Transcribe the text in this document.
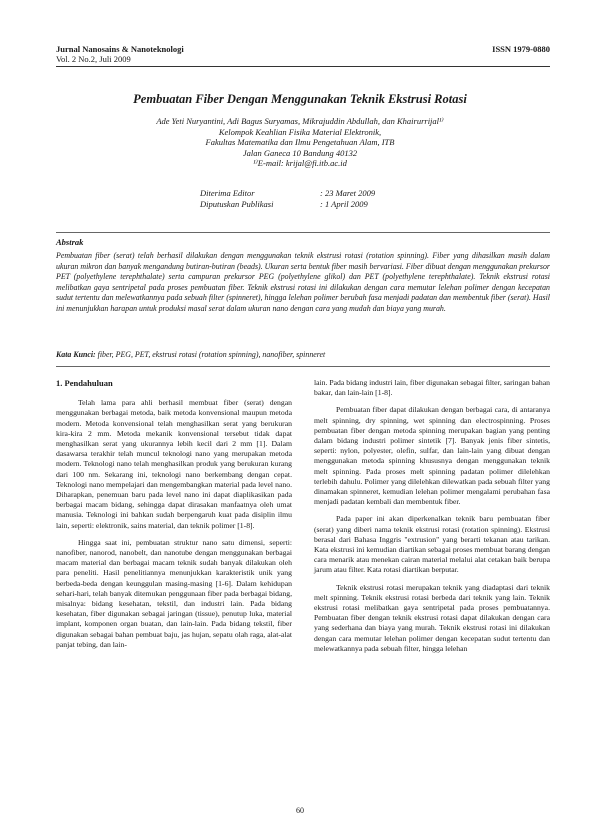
Jurnal Nanosains & Nanoteknologi
Vol. 2 No.2, Juli 2009
ISSN 1979-0880
Pembuatan Fiber Dengan Menggunakan Teknik Ekstrusi Rotasi
Ade Yeti Nuryantini, Adi Bagus Suryamas, Mikrajuddin Abdullah, dan Khairurrijal¹⁾
Kelompok Keahlian Fisika Material Elektronik,
Fakultas Matematika dan Ilmu Pengetahuan Alam, ITB
Jalan Ganeca 10 Bandung 40132
¹⁾E-mail: krijal@fi.itb.ac.id
Diterima Editor	: 23 Maret 2009
Diputuskan Publikasi	: 1 April 2009
Abstrak
Pembuatan fiber (serat) telah berhasil dilakukan dengan menggunakan teknik ekstrusi rotasi (rotation spinning). Fiber yang dihasilkan masih dalam ukuran mikron dan banyak mengandung butiran-butiran (beads). Ukuran serta bentuk fiber masih bervariasi. Fiber dibuat dengan menggunakan prekursor PET (polyethylene terephthalate) serta campuran prekursor PEG (polyethylene glikol) dan PET (polyethylene terephthalate). Teknik ekstrusi rotasi melibatkan gaya sentripetal pada proses pembuatan fiber. Teknik ekstrusi rotasi ini dilakukan dengan cara memutar lelehan polimer dengan kecepatan sudut tertentu dan melewatkannya pada sebuah filter (spinneret), hingga lelehan polimer berubah fasa menjadi padatan dan membentuk fiber (serat). Hasil ini menunjukkan harapan untuk produksi masal serat dalam ukuran nano dengan cara yang mudah dan biaya yang murah.
Kata Kunci: fiber, PEG, PET, ekstrusi rotasi (rotation spinning), nanofiber, spinneret
1. Pendahuluan

Telah lama para ahli berhasil membuat fiber (serat) dengan menggunakan berbagai metoda, baik metoda konvensional maupun metoda modern. Metoda konvensional telah menghasilkan serat yang berukuran kira-kira 2 mm. Metoda mekanik konvensional tersebut tidak dapat menghasilkan serat yang ukurannya lebih kecil dari 2 mm [1]. Dalam dasawarsa terakhir telah muncul teknologi nano yang merupakan metoda modern. Teknologi nano telah menghasilkan produk yang berukuran kurang dari 100 nm. Sekarang ini, teknologi nano berkembang dengan cepat. Teknologi nano mempelajari dan mengembangkan material pada level nano. Diharapkan, penemuan baru pada level nano ini dapat diaplikasikan pada berbagai macam bidang, sehingga dapat dirasakan manfaatnya oleh umat manusia. Teknologi ini bahkan sudah berpengaruh kuat pada disiplin ilmu lain, seperti: elektronik, sains material, dan teknik polimer [1-8].

Hingga saat ini, pembuatan struktur nano satu dimensi, seperti: nanofiber, nanorod, nanobelt, dan nanotube dengan menggunakan berbagai macam material dan berbagai macam teknik sudah banyak dilakukan oleh para peneliti. Hasil penelitiannya menunjukkan karakteristik unik yang berbeda-beda dengan keunggulan masing-masing [1-6]. Dalam kehidupan sehari-hari, telah banyak ditemukan penggunaan fiber pada berbagai bidang, misalnya: bidang kesehatan, tekstil, dan industri lain. Pada bidang kesehatan, fiber digunakan sebagai jaringan (tissue), penutup luka, material implant, komponen organ buatan, dan lain-lain. Pada bidang tekstil, fiber digunakan sebagai bahan pembuat baju, jas hujan, sepatu olah raga, alat-alat panjat tebing, dan lain-

lain. Pada bidang industri lain, fiber digunakan sebagai filter, saringan bahan bakar, dan lain-lain [1-8].

Pembuatan fiber dapat dilakukan dengan berbagai cara, di antaranya melt spinning, dry spinning, wet spinning dan electrospinning. Proses pembuatan fiber dengan metoda spinning merupakan bagian yang penting dalam bidang industri polimer sintetik [7]. Banyak jenis fiber sintetis, seperti: nylon, polyester, olefin, sulfar, dan lain-lain yang dibuat dengan menggunakan metoda spinning khususnya dengan menggunakan teknik melt spinning. Pada proses melt spinning padatan polimer dilelehkan terlebih dahulu. Polimer yang dilelehkan dilewatkan pada sebuah filter yang dinamakan spinneret, kemudian lelehan polimer mengalami perubahan fasa menjadi padatan kembali dan membentuk fiber.

Pada paper ini akan diperkenalkan teknik baru pembuatan fiber (serat) yang diberi nama teknik ekstrusi rotasi (rotation spinning). Ekstrusi berasal dari Bahasa Inggris "extrusion" yang berarti tekanan atau tarikan. Kata ekstrusi ini kemudian diartikan sebagai proses membuat barang dengan cara menarik atau menekan cairan material melalui alat cetakan baik berupa jarum atau filter. Kata rotasi diartikan berputar.

Teknik ekstrusi rotasi merupakan teknik yang diadaptasi dari teknik melt spinning. Teknik ekstrusi rotasi berbeda dari teknik yang lain. Teknik ekstrusi rotasi melibatkan gaya sentripetal pada proses pembuatannya. Pembuatan fiber dengan teknik ekstrusi rotasi dapat dilakukan dengan cara yang sederhana dan biaya yang murah. Teknik ekstrusi rotasi ini dilakukan dengan cara memutar lelehan polimer dengan kecepatan sudut tertentu dan melewatkannya pada sebuah filter, hingga lelehan

60
